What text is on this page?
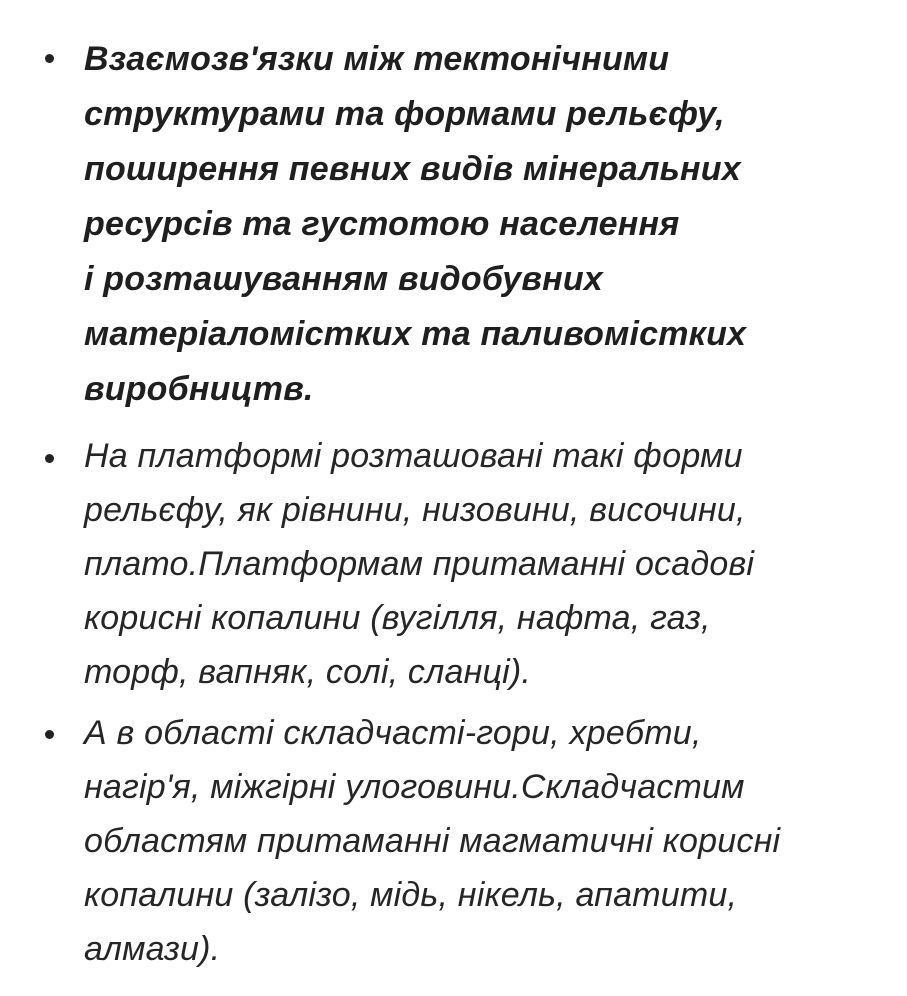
Взаємозв'язки між тектонічними
структурами та формами рельєфу,
поширення певних видів мінеральних
ресурсів та густотою населення
і розташуванням видобувних
матеріаломістких та паливомістких
виробництв.
На платформі розташовані такі форми
рельєфу, як рівнини, низовини, височини,
плато.Платформам притаманні осадові
корисні копалини (вугілля, нафта, газ,
торф, вапняк, солі, сланці).
А в області складчасті-гори, хребти,
нагір'я, міжгірні улоговини.Складчастим
областям притаманні магматичні корисні
копалини (залізо, мідь, нікель, апатити,
алмази).
